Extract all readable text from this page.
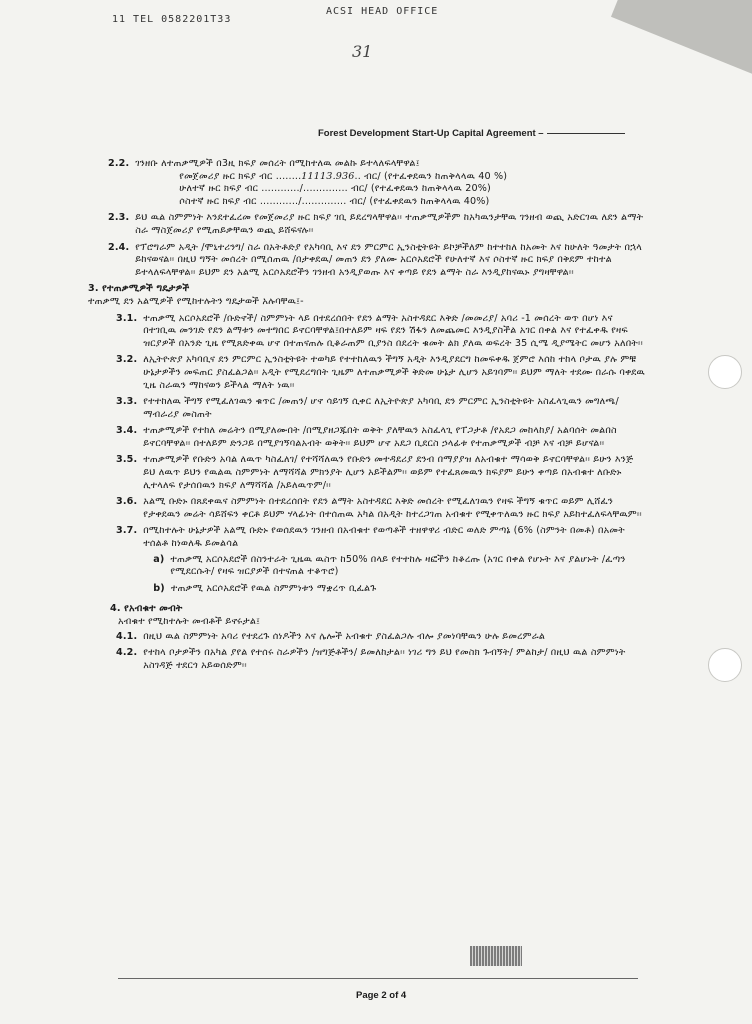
11 TEL 0582201T33
ACSI HEAD OFFICE
31
Forest Development Start-Up Capital Agreement –
2.2. ገንዘቡ ለተጠቃሚዎች በ3ዚ ክፍያ መሰረት በሚከተለዉ መልኩ ይተላለፍላቸዋል፤

የመጀመሪያ ዙር ክፍያ ብር ........11113.936.. ብር/ (የተፈቀደዉን ከጠቅላላዉ 40 %)

ሁለተኛ ዙር ክፍያ ብር ............/.............. ብር/ (የተፈቀደዉን ከጠቅላላዉ 20%)

ሶስተኛ ዙር ክፍያ ብር ............/.............. ብር/ (የተፈቀደዉን ከጠቅላላዉ 40%)

2.3. ይህ ዉል ስምምነት እንደተፈረመ የመጀመሪያ ዙር ክፍያ ገቢ ይደረግላቸዋል፡፡ ተጠቃሚዎችም ከአካዉንታቸዉ ገንዘብ ወጪ አድርገዉ ለደን ልማት ስራ ማስጀመሪያ የሚጠይቃቸዉን ወጪ ይሸፍናሉ፡፡

2.4. የፕሮግራም አዲት /ሞኒተሪንግ/ ስራ በአትቶድያ የአካባቢ እና ደን ምርምር ኢንስቲትዩት ይኮቻችለም ከተተከለ ከአመት እና ከሁለት ዓመታት በኋላ ይከናወናል፡፡ በዚህ ግኝት መሰረት በሚሰጠዉ /በታቀደዉ/ መጠን ደን ያለሙ አርሶአደሮች የሁለተኛ እና ሶስተኛ ዙር ክፍያ በቅደም ተከተል ይተላለፍላቸዋል፡፡ ይህም ደን አልሚ አርሶአደሮችን ገንዘብ አንዲያወጡ እና ቀጣይ የደን ልማት ስራ እንዲያከናዉኑ ያግዛቸዋል፡፡

3. የተጠቃሚዎች ግዴታዎች

ተጠቃሚ ደን አልሚዎች የሚከተሉትን ግዴታወች አሉባቸዉ፤-

3.1. ተጠቃሚ አርሶአደሮች /ቡድኖች/ ስምምነት ላይ በተደረሰበት የደን ልማት አስተዳደር እቅድ /መመሪያ/ አባሪ -1 መሰረት ወጥ በሆነ እና በተገቢዉ መንገድ የደን ልማቱን መተግበር ይኖርባቸዋል፤በተለይም ዛፍ የደን ሽፋን ለመጨመር እንዲያስችል አገር በቀል እና የተፈቀዱ የዛፍ ዝርያዎች በአንድ ጊዜ የሚጸድቀዉ ሆኖ በተጠናጠሉ ቢቆራጠም ቢያንስ በደረት ቁመት ልክ ያለዉ ወፍረት 35 ሲሜ ዲያሜትር መሆን አለበት፡፡

3.2. ለኢትዮጵያ አካባቢና ደን ምርምር ኢንስቲትዩት ተወካይ የተተከለዉን ችግኝ አዲት እንዲያደርግ ከመፍቀዱ ጀምሮ እሰከ ተከላ ቦታዉ ያሉ ምቹ ሁኔታዎችን መፍጠር ያስፈልጋል፡፡ አዲት የሚደረግበት ጊዜም ለተጠቃሚዎች ቅድመ ሁኔታ ሊሆን አይገባም፡፡ ይህም ማለት ተደሙ በራሱ ባቀደዉ ጊዜ ስራዉን ማከናወን ይችላል ማለት ነዉ፡፡

3.3. የተተከለዉ ችግኝ የሚፈለገዉን ቁጥር /መጠን/ ሆኖ ሳይገኝ ሲቀር ለኢትዮጵያ አካባቢ ደን ምርምር ኢንስቲትዩት አስፈላጊዉን መግለጫ/ማብራሪያ መስጠት

3.4. ተጠቃሚዎች የተከለ መሬትን በሚያለሙበት /በሚያዘጋጁበት ወቅት ያለቸዉን አስፈላጊ የፐጋታቶ /የአደጋ መከላከያ/ አልባሰት መልበስ ይኖርባቸዋል፡፡ በተለይም ድንጋይ በሚያገኝባልአብት ወቅት፡፡ ይህም ሆኖ አደጋ ቢደርስ ኃላፊቱ የተጠቃሚዎች ብቻ እና ብቻ ይሆናል፡፡

3.5. ተጠቃሚዎች የቡድን አባል ለዉጥ ካስፈለገ/ የተሻሻለዉን የቡድን መተዳደሪያ ደንብ በማያያዝ ለአብቁተ ማሳወቅ ይኖርባቸዋል፡፡ ይሁን እንጅ ይህ ለዉጥ ይህን የዉልዉ ስምምነት ለማሻሻል ምክንያት ሊሆን አይችልም፡፡ ወይም የተፈጸመዉን ክፍያም ይሁን ቀጣይ በአብቁተ ለቡድኑ ሊተላለፍ የታሰበዉን ክፍያ ለማሻሻል /አይለዉጥም/፡፡

3.6. አልሚ ቡድኑ በጸደቀዉና ስምምነት በተደረሰበት የደን ልማት አስተዳደር እቅድ መሰረት የሚፈለገዉን የዛፍ ችግኝ ቁጥር ወይም ሊሸፈን የታቀደዉን መሬት ሳይሸፍን ቀርቶ ይህም ሃላፊነት በተሰጠዉ አካል በአዲት ከተረጋገጠ አብቁተ የሚቀጥለዉን ዙር ክፍያ አይከተፈለፍላቸዉም፡፡

3.7. በሚከተሉት ሁኔታዎች አልሚ ቡድኑ የወሰደዉን ገንዘብ በአብቁተ የወጣቶች ተዘዋዋሪ ብድር ወለድ ምጣኔ (6% (ስምንት በመቶ) በአመት ተሰልቶ ከነወለዱ ይመልሳል

a) ተጠቃሚ አርሶአደሮች በስንተራት ጊዜዉ ዉስጥ ከ50% በላይ የተተከሉ ዛፎችን ከቆረጡ (አገር በቀል የሆኑት እና ያልሆኑት /ፈጣን የሚደርሱት/ የዛፍ ዝርያዎች በተናጠል ተቆጥሮ)

b) ተጠቃሚ አርሶአደሮች የዉል ስምምነቱን ማቋረጥ ቢፈልጉ

4. የአብቁተ መብት

አብቁተ የሚከተሉት መብቶች ይኖሩታል፤

4.1. በዚህ ዉል ስምምነት አባሪ የተደረጉ ሰነዶችን እና ሌሎች አብቁተ ያስፈልጋሉ ብሎ ያመነባቸዉን ሁሉ ይመረምራል

4.2. የተከላ ቦታዎችን በአካል ያየል የተሰሩ ስራዎችን /ዝግጅቶችን/ ይመለከታል፡፡ ነገሪ ግን ይህ የመስክ ጉብኝት/ ምልከታ/ በዚህ ዉል ስምምነት አስገዳጅ ተደርጎ አይወሰድም፡፡

Page 2 of 4
